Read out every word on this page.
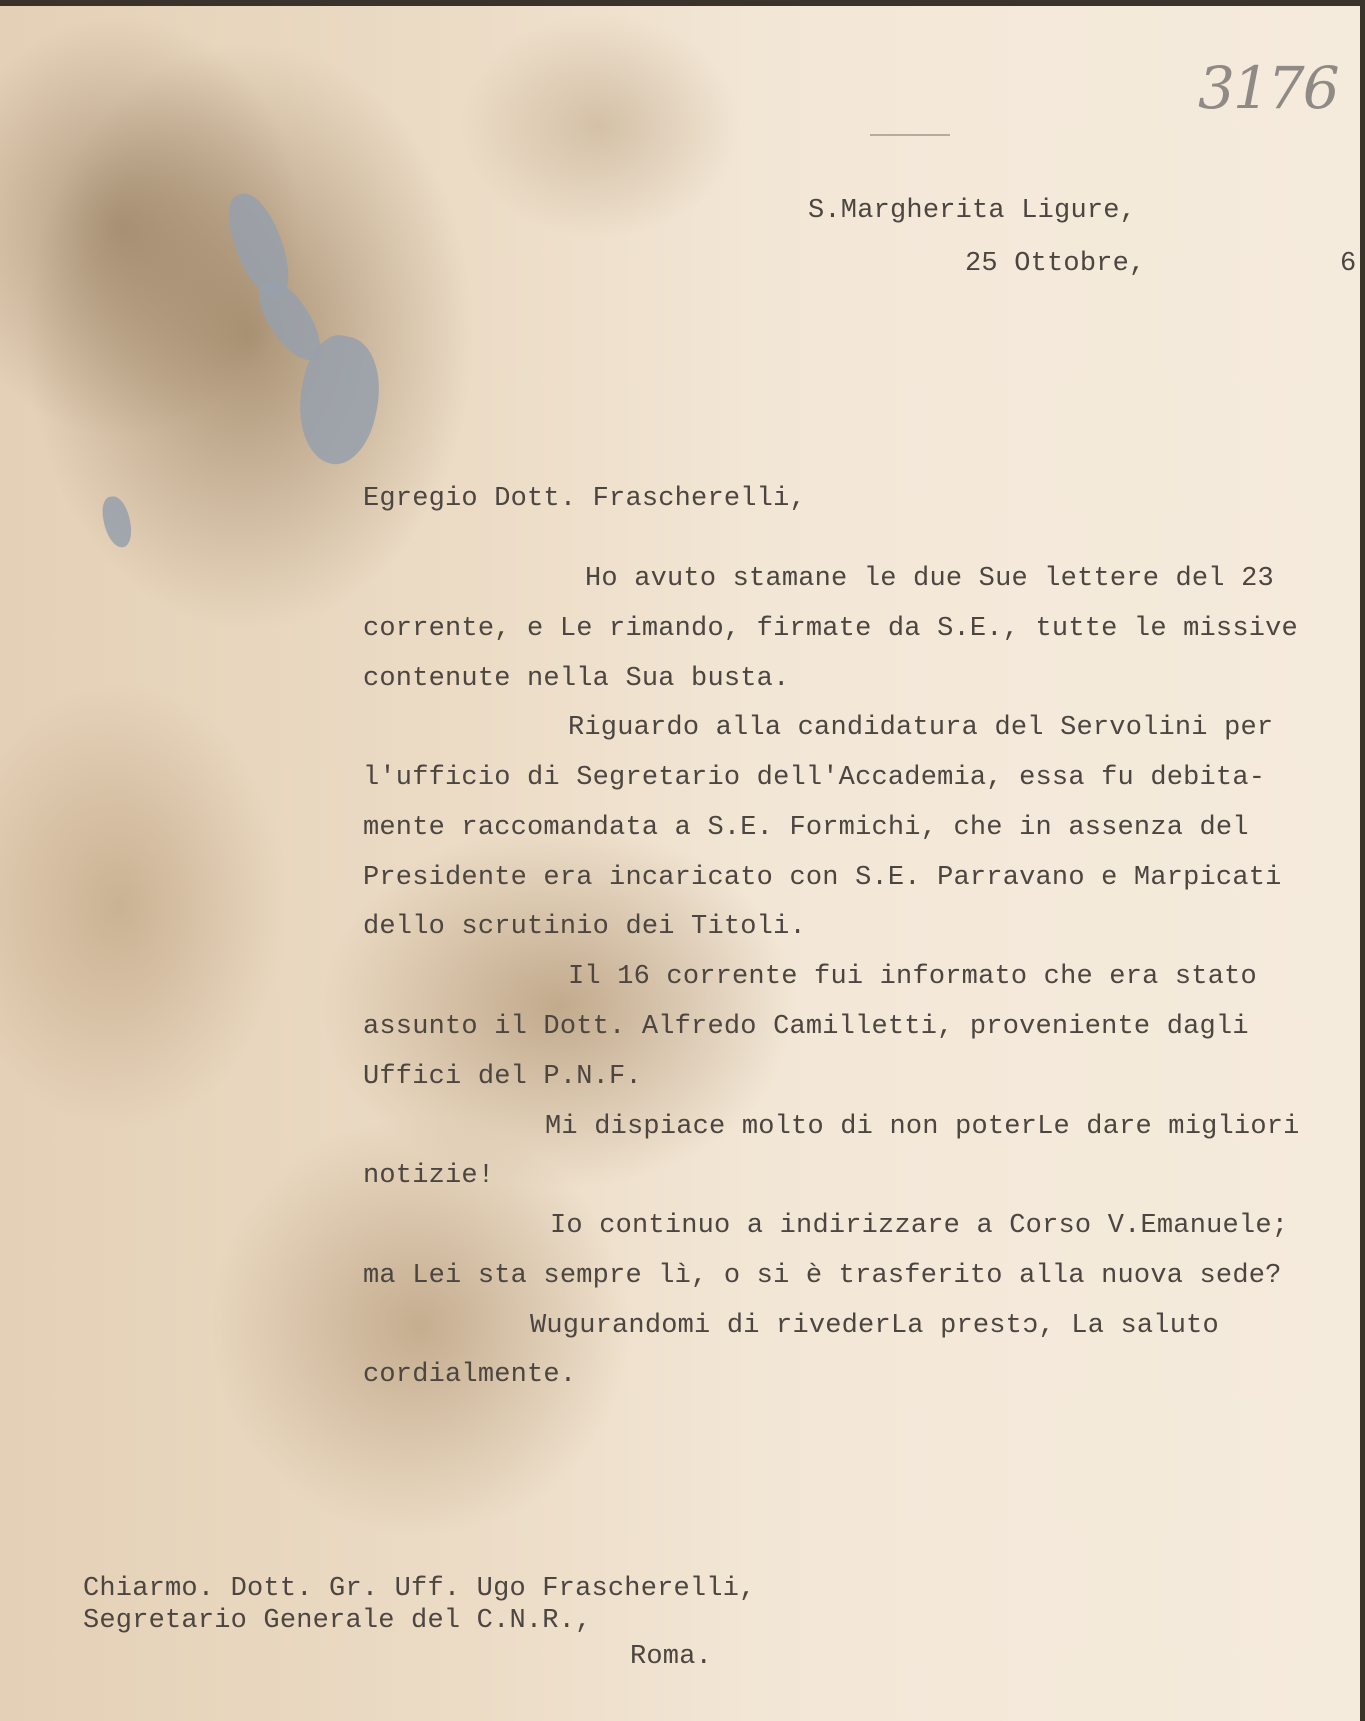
3176
S.Margherita Ligure,
25 Ottobre,	6
Egregio Dott. Frascherelli,
Ho avuto stamane le due Sue lettere del 23
corrente, e Le rimando, firmate da S.E., tutte le missive
contenute nella Sua busta.
Riguardo alla candidatura del Servolini per
l'ufficio di Segretario dell'Accademia, essa fu debita-
mente raccomandata a S.E. Formichi, che in assenza del
Presidente era incaricato con S.E. Parravano e Marpicati
dello scrutinio dei Titoli.
Il 16 corrente fui informato che era stato
assunto il Dott. Alfredo Camilletti, proveniente dagli
Uffici del P.N.F.
Mi dispiace molto di non poterLe dare migliori
notizie!
Io continuo a indirizzare a Corso V.Emanuele;
ma Lei sta sempre lì, o si è trasferito alla nuova sede?
Wugurandomi di rivederLa prestɔ, La saluto
cordialmente.
Chiarmo. Dott. Gr. Uff. Ugo Frascherelli,
Segretario Generale del C.N.R.,
Roma.
